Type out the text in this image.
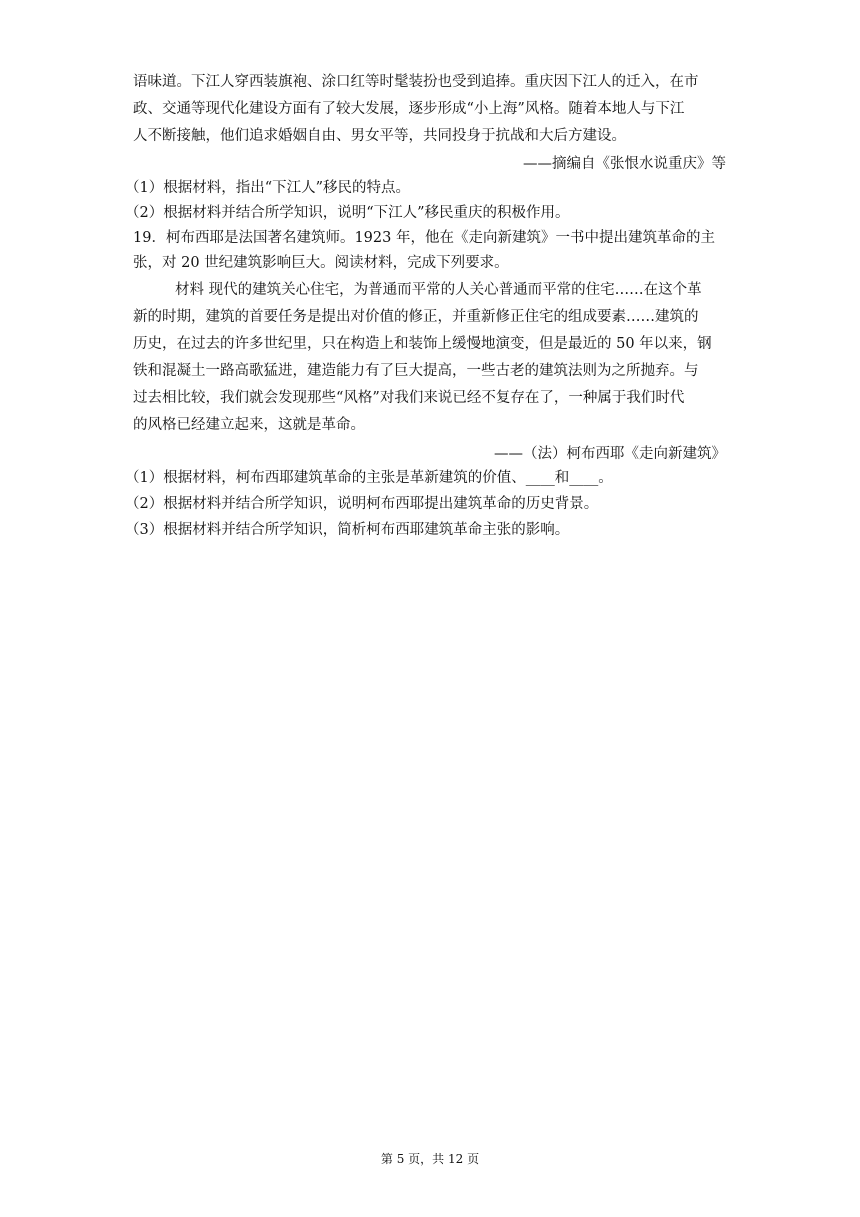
语味道。下江人穿西装旗袍、涂口红等时髦装扮也受到追捧。重庆因下江人的迁入，在市
政、交通等现代化建设方面有了较大发展，逐步形成“小上海”风格。随着本地人与下江
人不断接触，他们追求婚姻自由、男女平等，共同投身于抗战和大后方建设。
——摘编自《张恨水说重庆》等
（1）根据材料，指出“下江人”移民的特点。
（2）根据材料并结合所学知识，说明“下江人”移民重庆的积极作用。
19．柯布西耶是法国著名建筑师。1923 年，他在《走向新建筑》一书中提出建筑革命的主
张，对 20 世纪建筑影响巨大。阅读材料，完成下列要求。
材料 现代的建筑关心住宅，为普通而平常的人关心普通而平常的住宅……在这个革
新的时期，建筑的首要任务是提出对价值的修正，并重新修正住宅的组成要素……建筑的
历史，在过去的许多世纪里，只在构造上和装饰上缓慢地演变，但是最近的 50 年以来，钢
铁和混凝土一路高歌猛进，建造能力有了巨大提高，一些古老的建筑法则为之所抛弃。与
过去相比较，我们就会发现那些“风格”对我们来说已经不复存在了，一种属于我们时代
的风格已经建立起来，这就是革命。
——（法）柯布西耶《走向新建筑》
（1）根据材料，柯布西耶建筑革命的主张是革新建筑的价值、____和____。
（2）根据材料并结合所学知识，说明柯布西耶提出建筑革命的历史背景。
（3）根据材料并结合所学知识，简析柯布西耶建筑革命主张的影响。
第 5 页，共 12 页
